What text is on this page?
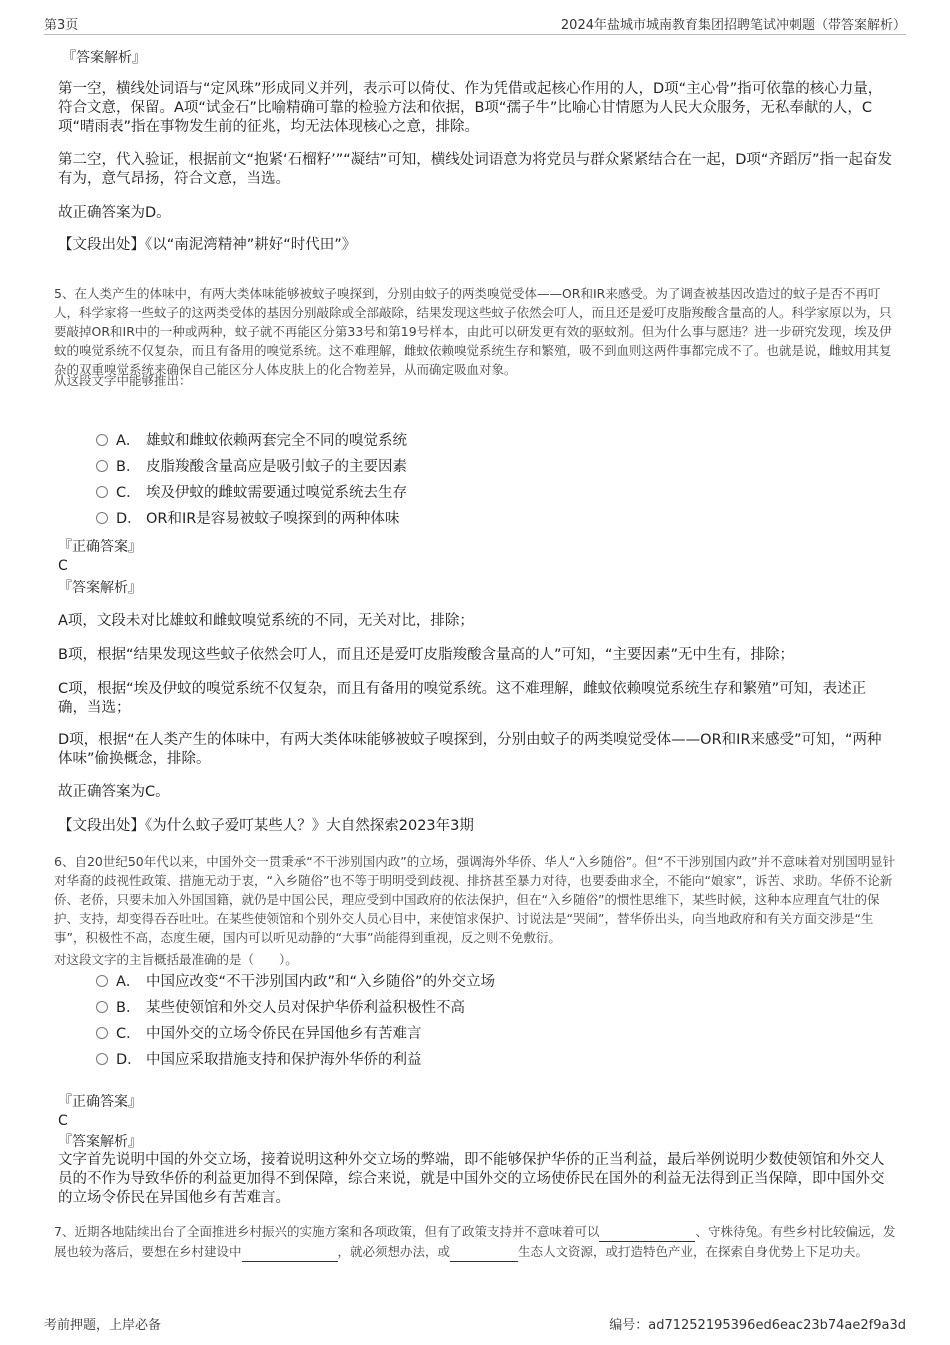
第3页	2024年盐城市城南教育集团招聘笔试冲刺题（带答案解析）
『答案解析』
第一空，横线处词语与“定风珠”形成同义并列，表示可以倚仗、作为凭借或起核心作用的人，D项“主心骨”指可依靠的核心力量，符合文意，保留。A项“试金石”比喻精确可靠的检验方法和依据，B项“孺子牛”比喻心甘情愿为人民大众服务，无私奉献的人，C项“晴雨表”指在事物发生前的征兆，均无法体现核心之意，排除。
第二空，代入验证，根据前文“抱紧‘石榴籽’”“凝结”可知，横线处词语意为将党员与群众紧紧结合在一起，D项“齐蹈厉”指一起奋发有为，意气昂扬，符合文意，当选。
故正确答案为D。
【文段出处】《以“南泥湾精神”耕好“时代田”》
5、在人类产生的体味中，有两大类体味能够被蚊子嗅探到，分别由蚊子的两类嗅觉受体——OR和IR来感受。为了调查被基因改造过的蚊子是否不再叮人，科学家将一些蚊子的这两类受体的基因分别敲除或全部敲除，结果发现这些蚊子依然会叮人，而且还是爱叮皮脂羧酸含量高的人。科学家原以为，只要敲掉OR和IR中的一种或两种，蚊子就不再能区分第33号和第19号样本，由此可以研发更有效的驱蚊剂。但为什么事与愿违？进一步研究发现，埃及伊蚊的嗅觉系统不仅复杂，而且有备用的嗅觉系统。这不难理解，雌蚊依赖嗅觉系统生存和繁殖，吸不到血则这两件事都完成不了。也就是说，雌蚊用其复杂的双重嗅觉系统来确保自己能区分人体皮肤上的化合物差异，从而确定吸血对象。
从这段文字中能够推出：
A． 雄蚊和雌蚊依赖两套完全不同的嗅觉系统
B． 皮脂羧酸含量高应是吸引蚊子的主要因素
C． 埃及伊蚊的雌蚊需要通过嗅觉系统去生存
D． OR和IR是容易被蚊子嗅探到的两种体味
『正确答案』
C
『答案解析』
A项，文段未对比雄蚊和雌蚊嗅觉系统的不同，无关对比，排除；
B项，根据“结果发现这些蚊子依然会叮人，而且还是爱叮皮脂羧酸含量高的人”可知，“主要因素”无中生有，排除；
C项，根据“埃及伊蚊的嗅觉系统不仅复杂，而且有备用的嗅觉系统。这不难理解，雌蚊依赖嗅觉系统生存和繁殖”可知，表述正确，当选；
D项，根据“在人类产生的体味中，有两大类体味能够被蚊子嗅探到，分别由蚊子的两类嗅觉受体——OR和IR来感受”可知，“两种体味”偷换概念，排除。
故正确答案为C。
【文段出处】《为什么蚊子爱叮某些人？》大自然探索2023年3期
6、自20世纪50年代以来，中国外交一贯秉承“不干涉别国内政”的立场，强调海外华侨、华人“入乡随俗”。但“不干涉别国内政”并不意味着对别国明显针对华裔的歧视性政策、措施无动于衷，“入乡随俗”也不等于明明受到歧视、排挤甚至暴力对待，也要委曲求全，不能向“娘家”，诉苦、求助。华侨不论新侨、老侨，只要未加入外国国籍，就仍是中国公民，理应受到中国政府的依法保护，但在“入乡随俗”的惯性思维下，某些时候，这种本应理直气壮的保护、支持，却变得吞吞吐吐。在某些使领馆和个别外交人员心目中，来使馆求保护、讨说法是“哭闹”，替华侨出头，向当地政府和有关方面交涉是“生事”，积极性不高，态度生硬，国内可以听见动静的“大事”尚能得到重视，反之则不免敷衍。
对这段文字的主旨概括最准确的是（　　）。
A． 中国应改变“不干涉别国内政”和“入乡随俗”的外交立场
B． 某些使领馆和外交人员对保护华侨利益积极性不高
C． 中国外交的立场令侨民在异国他乡有苦难言
D． 中国应采取措施支持和保护海外华侨的利益
『正确答案』
C
『答案解析』
文字首先说明中国的外交立场，接着说明这种外交立场的弊端，即不能够保护华侨的正当利益，最后举例说明少数使领馆和外交人员的不作为导致华侨的利益更加得不到保障，综合来说，就是中国外交的立场使侨民在国外的利益无法得到正当保障，即中国外交的立场令侨民在异国他乡有苦难言。
7、近期各地陆续出台了全面推进乡村振兴的实施方案和各项政策，但有了政策支持并不意味着可以	、守株待兔。有些乡村比较偏远，发展也较为落后，要想在乡村建设中	，就必须想办法，或	生态人文资源，或打造特色产业，在探索自身优势上下足功夫。
考前押题，上岸必备	编号：ad71252195396ed6eac23b74ae2f9a3d
